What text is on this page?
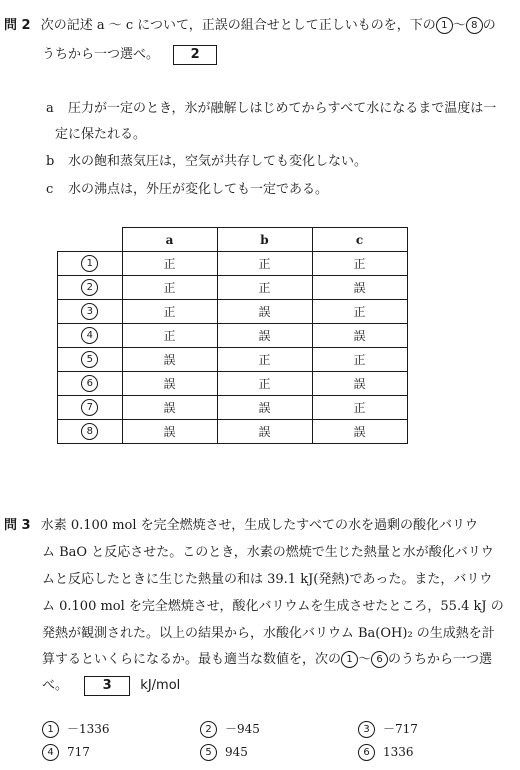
問 2 次の記述 a ～ c について，正誤の組合せとして正しいものを，下の 1 ～ 8 の
うちから一つ選べ。 2
a 圧力が一定のとき，氷が融解しはじめてからすべて水になるまで温度は一
定に保たれる。
b 水の飽和蒸気圧は，空気が共存しても変化しない。
c 水の沸点は，外圧が変化しても一定である。
	a	b	c
1	正	正	正
2	正	正	誤
3	正	誤	正
4	正	誤	誤
5	誤	正	正
6	誤	正	誤
7	誤	誤	正
8	誤	誤	誤
問 3 水素 0.100 mol を完全燃焼させ，生成したすべての水を過剰の酸化バリウ
ム BaO と反応させた。このとき，水素の燃焼で生じた熱量と水が酸化バリウ
ムと反応したときに生じた熱量の和は 39.1 kJ(発熱)であった。また，バリウ
ム 0.100 mol を完全燃焼させ，酸化バリウムを生成させたところ，55.4 kJ の
発熱が観測された。以上の結果から，水酸化バリウム Ba(OH)₂ の生成熱を計
算するといくらになるか。最も適当な数値を，次の 1 ～ 6 のうちから一つ選
べ。	3 kJ/mol
1 －1336	2 －945	3 －717
4 717	5 945	6 1336
